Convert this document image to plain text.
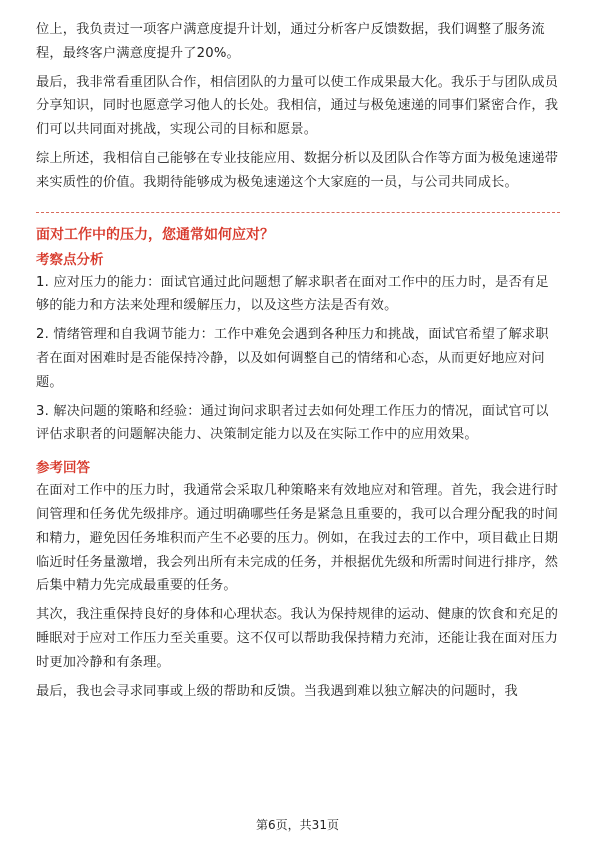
位上，我负责过一项客户满意度提升计划，通过分析客户反馈数据，我们调整了服务流程，最终客户满意度提升了20%。

最后，我非常看重团队合作，相信团队的力量可以使工作成果最大化。我乐于与团队成员分享知识，同时也愿意学习他人的长处。我相信，通过与极兔速递的同事们紧密合作，我们可以共同面对挑战，实现公司的目标和愿景。

综上所述，我相信自己能够在专业技能应用、数据分析以及团队合作等方面为极兔速递带来实质性的价值。我期待能够成为极兔速递这个大家庭的一员，与公司共同成长。

面对工作中的压力，您通常如何应对？
考察点分析

1. 应对压力的能力：面试官通过此问题想了解求职者在面对工作中的压力时，是否有足够的能力和方法来处理和缓解压力，以及这些方法是否有效。

2. 情绪管理和自我调节能力：工作中难免会遇到各种压力和挑战，面试官希望了解求职者在面对困难时是否能保持冷静，以及如何调整自己的情绪和心态，从而更好地应对问题。

3. 解决问题的策略和经验：通过询问求职者过去如何处理工作压力的情况，面试官可以评估求职者的问题解决能力、决策制定能力以及在实际工作中的应用效果。

参考回答

在面对工作中的压力时，我通常会采取几种策略来有效地应对和管理。首先，我会进行时间管理和任务优先级排序。通过明确哪些任务是紧急且重要的，我可以合理分配我的时间和精力，避免因任务堆积而产生不必要的压力。例如，在我过去的工作中，项目截止日期临近时任务量激增，我会列出所有未完成的任务，并根据优先级和所需时间进行排序，然后集中精力先完成最重要的任务。

其次，我注重保持良好的身体和心理状态。我认为保持规律的运动、健康的饮食和充足的睡眠对于应对工作压力至关重要。这不仅可以帮助我保持精力充沛，还能让我在面对压力时更加冷静和有条理。

最后，我也会寻求同事或上级的帮助和反馈。当我遇到难以独立解决的问题时，我

第6页，共31页
